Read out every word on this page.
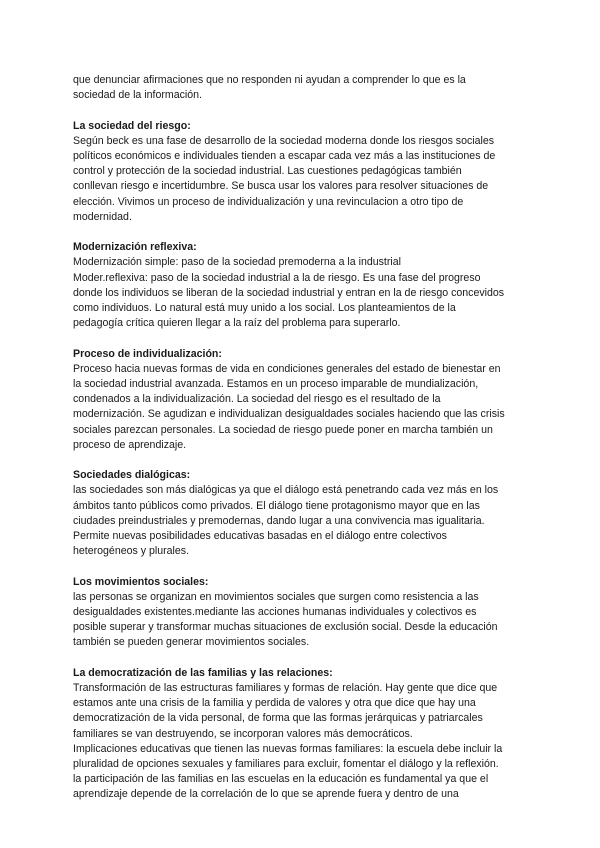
que denunciar afirmaciones que no responden ni ayudan a comprender lo que es la
sociedad de la información.

La sociedad del riesgo:

Según beck es una fase de desarrollo de la sociedad moderna donde los riesgos sociales
políticos económicos e individuales tienden a escapar cada vez más a las instituciones de
control y protección de la sociedad industrial. Las cuestiones pedagógicas también
conllevan riesgo e incertidumbre. Se busca usar los valores para resolver situaciones de
elección. Vivimos un proceso de individualización y una revinculacion a otro tipo de
modernidad.

Modernización reflexiva:

Modernización simple: paso de la sociedad premoderna a la industrial
Moder.reflexiva: paso de la sociedad industrial a la de riesgo. Es una fase del progreso
donde los individuos se liberan de la sociedad industrial y entran en la de riesgo concevidos
como individuos. Lo natural está muy unido a los social. Los planteamientos de la
pedagogía crítica quieren llegar a la raíz del problema para superarlo.

Proceso de individualización:

Proceso hacia nuevas formas de vida en condiciones generales del estado de bienestar en
la sociedad industrial avanzada. Estamos en un proceso imparable de mundialización,
condenados a la individualización. La sociedad del riesgo es el resultado de la
modernización. Se agudizan e individualizan desigualdades sociales haciendo que las crisis
sociales parezcan personales. La sociedad de riesgo puede poner en marcha también un
proceso de aprendizaje.

Sociedades dialógicas:

las sociedades son más dialógicas ya que el diálogo está penetrando cada vez más en los
ámbitos tanto públicos como privados. El diálogo tiene protagonismo mayor que en las
ciudades preindustriales y premodernas, dando lugar a una convivencia mas igualitaria.
Permite nuevas posibilidades educativas basadas en el diálogo entre colectivos
heterogéneos y plurales.

Los movimientos sociales:

las personas se organizan en movimientos sociales que surgen como resistencia a las
desigualdades existentes.mediante las acciones humanas individuales y colectivos es
posible superar y transformar muchas situaciones de exclusión social. Desde la educación
también se pueden generar movimientos sociales.

La democratización de las familias y las relaciones:

Transformación de las estructuras familiares y formas de relación. Hay gente que dice que
estamos ante una crisis de la familia y perdida de valores y otra que dice que hay una
democratización de la vida personal, de forma que las formas jerárquicas y patriarcales
familiares se van destruyendo, se incorporan valores más democráticos.
Implicaciones educativas que tienen las nuevas formas familiares: la escuela debe incluir la
pluralidad de opciones sexuales y familiares para excluir, fomentar el diálogo y la reflexión.
la participación de las familias en las escuelas en la educación es fundamental ya que el
aprendizaje depende de la correlación de lo que se aprende fuera y dentro de una
